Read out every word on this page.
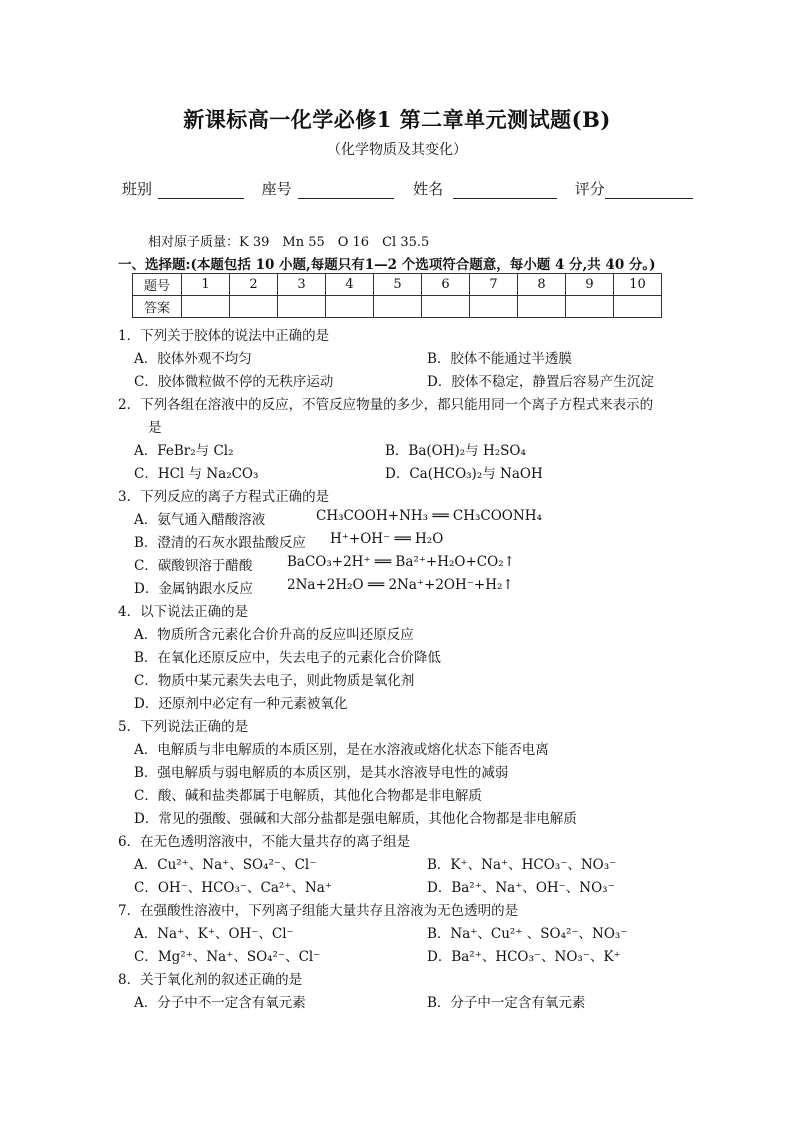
新课标高一化学必修1 第二章单元测试题(B)
（化学物质及其变化）
班别	座号	姓名	评分
相对原子质量：K 39　Mn 55　O 16　Cl 35.5
一、选择题:(本题包括 10 小题,每题只有1—2 个选项符合题意，每小题 4 分,共 40 分。)
题号	1	2	3	4	5	6	7	8	9	10
答案										
1．下列关于胶体的说法中正确的是
A．胶体外观不均匀	B．胶体不能通过半透膜
C．胶体微粒做不停的无秩序运动	D．胶体不稳定，静置后容易产生沉淀
2．下列各组在溶液中的反应，不管反应物量的多少，都只能用同一个离子方程式来表示的
是
A．FeBr₂与 Cl₂	B．Ba(OH)₂与 H₂SO₄
C．HCl 与 Na₂CO₃	D．Ca(HCO₃)₂与 NaOH
3．下列反应的离子方程式正确的是
A．氨气通入醋酸溶液	CH₃COOH+NH₃ ══ CH₃COONH₄
B．澄清的石灰水跟盐酸反应 H⁺+OH⁻ ══ H₂O
C．碳酸钡溶于醋酸	BaCO₃+2H⁺ ══ Ba²⁺+H₂O+CO₂↑
D．金属钠跟水反应	2Na+2H₂O ══ 2Na⁺+2OH⁻+H₂↑
4．以下说法正确的是
A．物质所含元素化合价升高的反应叫还原反应
B．在氧化还原反应中，失去电子的元素化合价降低
C．物质中某元素失去电子，则此物质是氧化剂
D．还原剂中必定有一种元素被氧化
5．下列说法正确的是
A．电解质与非电解质的本质区别，是在水溶液或熔化状态下能否电离
B．强电解质与弱电解质的本质区别，是其水溶液导电性的减弱
C．酸、碱和盐类都属于电解质，其他化合物都是非电解质
D．常见的强酸、强碱和大部分盐都是强电解质，其他化合物都是非电解质
6．在无色透明溶液中，不能大量共存的离子组是
A．Cu²⁺、Na⁺、SO₄²⁻、Cl⁻	B．K⁺、Na⁺、HCO₃⁻、NO₃⁻
C．OH⁻、HCO₃⁻、Ca²⁺、Na⁺	D．Ba²⁺、Na⁺、OH⁻、NO₃⁻
7．在强酸性溶液中，下列离子组能大量共存且溶液为无色透明的是
A．Na⁺、K⁺、OH⁻、Cl⁻	B．Na⁺、Cu²⁺ 、SO₄²⁻、NO₃⁻
C．Mg²⁺、Na⁺、SO₄²⁻、Cl⁻	D．Ba²⁺、HCO₃⁻、NO₃⁻、K⁺
8．关于氧化剂的叙述正确的是
A．分子中不一定含有氧元素	B．分子中一定含有氧元素
